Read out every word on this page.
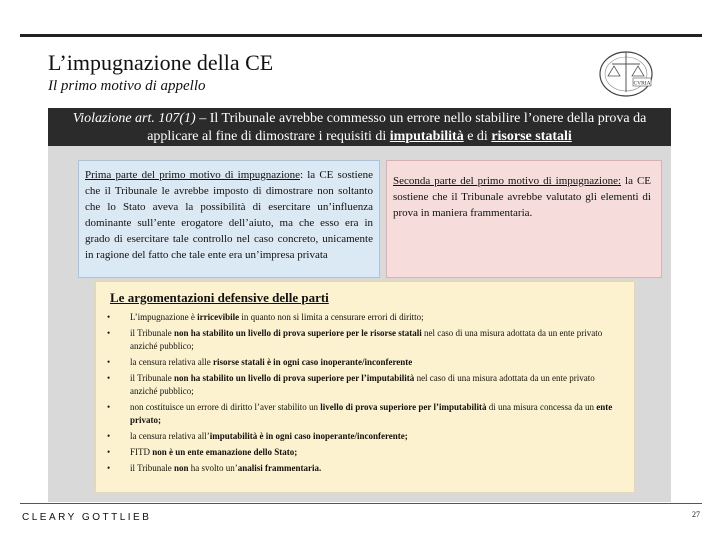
L’impugnazione della CE
Il primo motivo di appello	CVRIA
Violazione art. 107(1) – Il Tribunale avrebbe commesso un errore nello stabilire l’onere della prova da applicare al fine di dimostrare i requisiti di imputabilità e di risorse statali
Prima parte del primo motivo di impugnazione: la CE sostiene che il Tribunale le avrebbe imposto di dimostrare non soltanto che lo Stato aveva la possibilità di esercitare un’influenza dominante sull’ente erogatore dell’aiuto, ma che esso era in grado di esercitare tale controllo nel caso concreto, unicamente in ragione del fatto che tale ente era un’impresa privata
Seconda parte del primo motivo di impugnazione: la CE sostiene che il Tribunale avrebbe valutato gli elementi di prova in maniera frammentaria.
Le argomentazioni defensive delle parti
• L’impugnazione è irricevibile in quanto non si limita a censurare errori di diritto;
• il Tribunale non ha stabilito un livello di prova superiore per le risorse statali nel caso di una misura adottata da un ente privato anziché pubblico;
• la censura relativa alle risorse statali è in ogni caso inoperante/inconferente
• il Tribunale non ha stabilito un livello di prova superiore per l’imputabilità nel caso di una misura adottata da un ente privato anziché pubblico;
• non costituisce un errore di diritto l’aver stabilito un livello di prova superiore per l’imputabilità di una misura concessa da un ente privato;
• la censura relativa all’imputabilità è in ogni caso inoperante/inconferente;
• FITD non è un ente emanazione dello Stato;
• il Tribunale non ha svolto un’analisi frammentaria.
CLEARY GOTTLIEB	27
